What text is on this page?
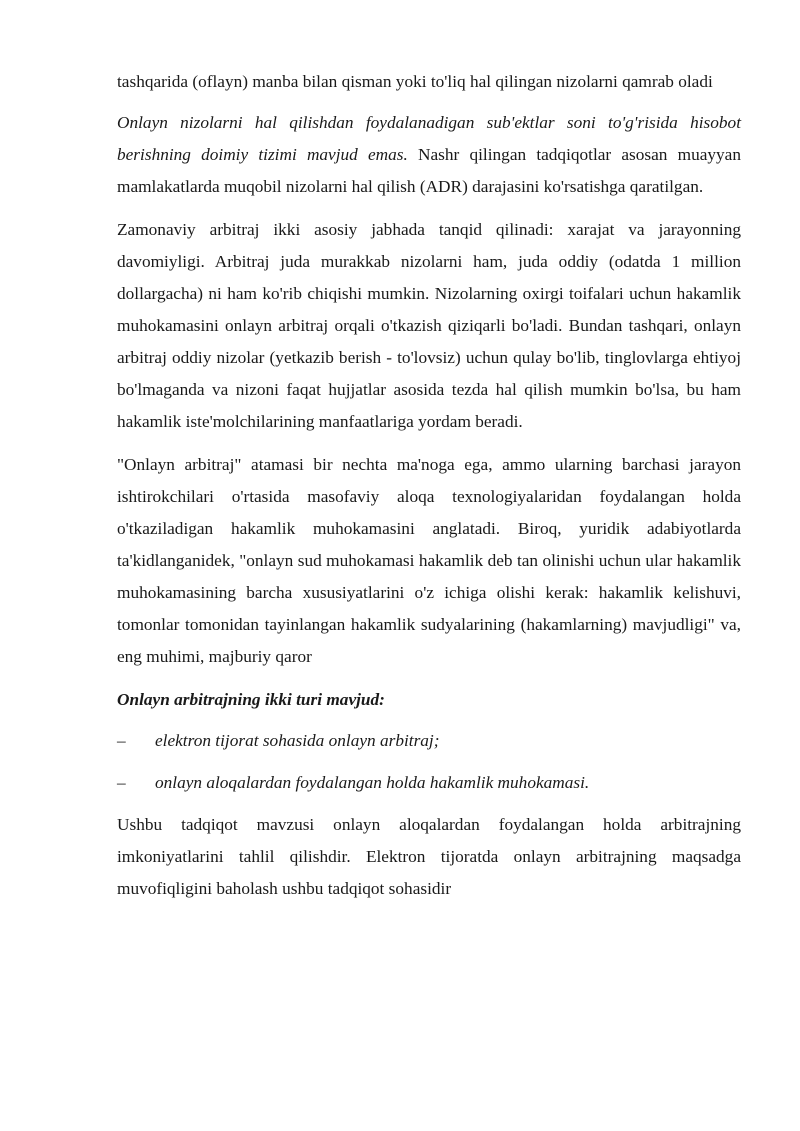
tashqarida (oflayn) manba bilan qisman yoki to'liq hal qilingan nizolarni qamrab oladi

Onlayn nizolarni hal qilishdan foydalanadigan sub'ektlar soni to'g'risida hisobot berishning doimiy tizimi mavjud emas. Nashr qilingan tadqiqotlar asosan muayyan mamlakatlarda muqobil nizolarni hal qilish (ADR) darajasini ko'rsatishga qaratilgan.

Zamonaviy arbitraj ikki asosiy jabhada tanqid qilinadi: xarajat va jarayonning davomiyligi. Arbitraj juda murakkab nizolarni ham, juda oddiy (odatda 1 million dollargacha) ni ham ko'rib chiqishi mumkin. Nizolarning oxirgi toifalari uchun hakamlik muhokamasini onlayn arbitraj orqali o'tkazish qiziqarli bo'ladi. Bundan tashqari, onlayn arbitraj oddiy nizolar (yetkazib berish - to'lovsiz) uchun qulay bo'lib, tinglovlarga ehtiyoj bo'lmaganda va nizoni faqat hujjatlar asosida tezda hal qilish mumkin bo'lsa, bu ham hakamlik iste'molchilarining manfaatlariga yordam beradi.

"Onlayn arbitraj" atamasi bir nechta ma'noga ega, ammo ularning barchasi jarayon ishtirokchilari o'rtasida masofaviy aloqa texnologiyalaridan foydalangan holda o'tkaziladigan hakamlik muhokamasini anglatadi. Biroq, yuridik adabiyotlarda ta'kidlanganidek, "onlayn sud muhokamasi hakamlik deb tan olinishi uchun ular hakamlik muhokamasining barcha xususiyatlarini o'z ichiga olishi kerak: hakamlik kelishuvi, tomonlar tomonidan tayinlangan hakamlik sudyalarining (hakamlarning) mavjudligi" va, eng muhimi, majburiy qaror

Onlayn arbitrajning ikki turi mavjud:

–	elektron tijorat sohasida onlayn arbitraj;
–	onlayn aloqalardan foydalangan holda hakamlik muhokamasi.

Ushbu tadqiqot mavzusi onlayn aloqalardan foydalangan holda arbitrajning imkoniyatlarini tahlil qilishdir. Elektron tijoratda onlayn arbitrajning maqsadga muvofiqligini baholash ushbu tadqiqot sohasidir
